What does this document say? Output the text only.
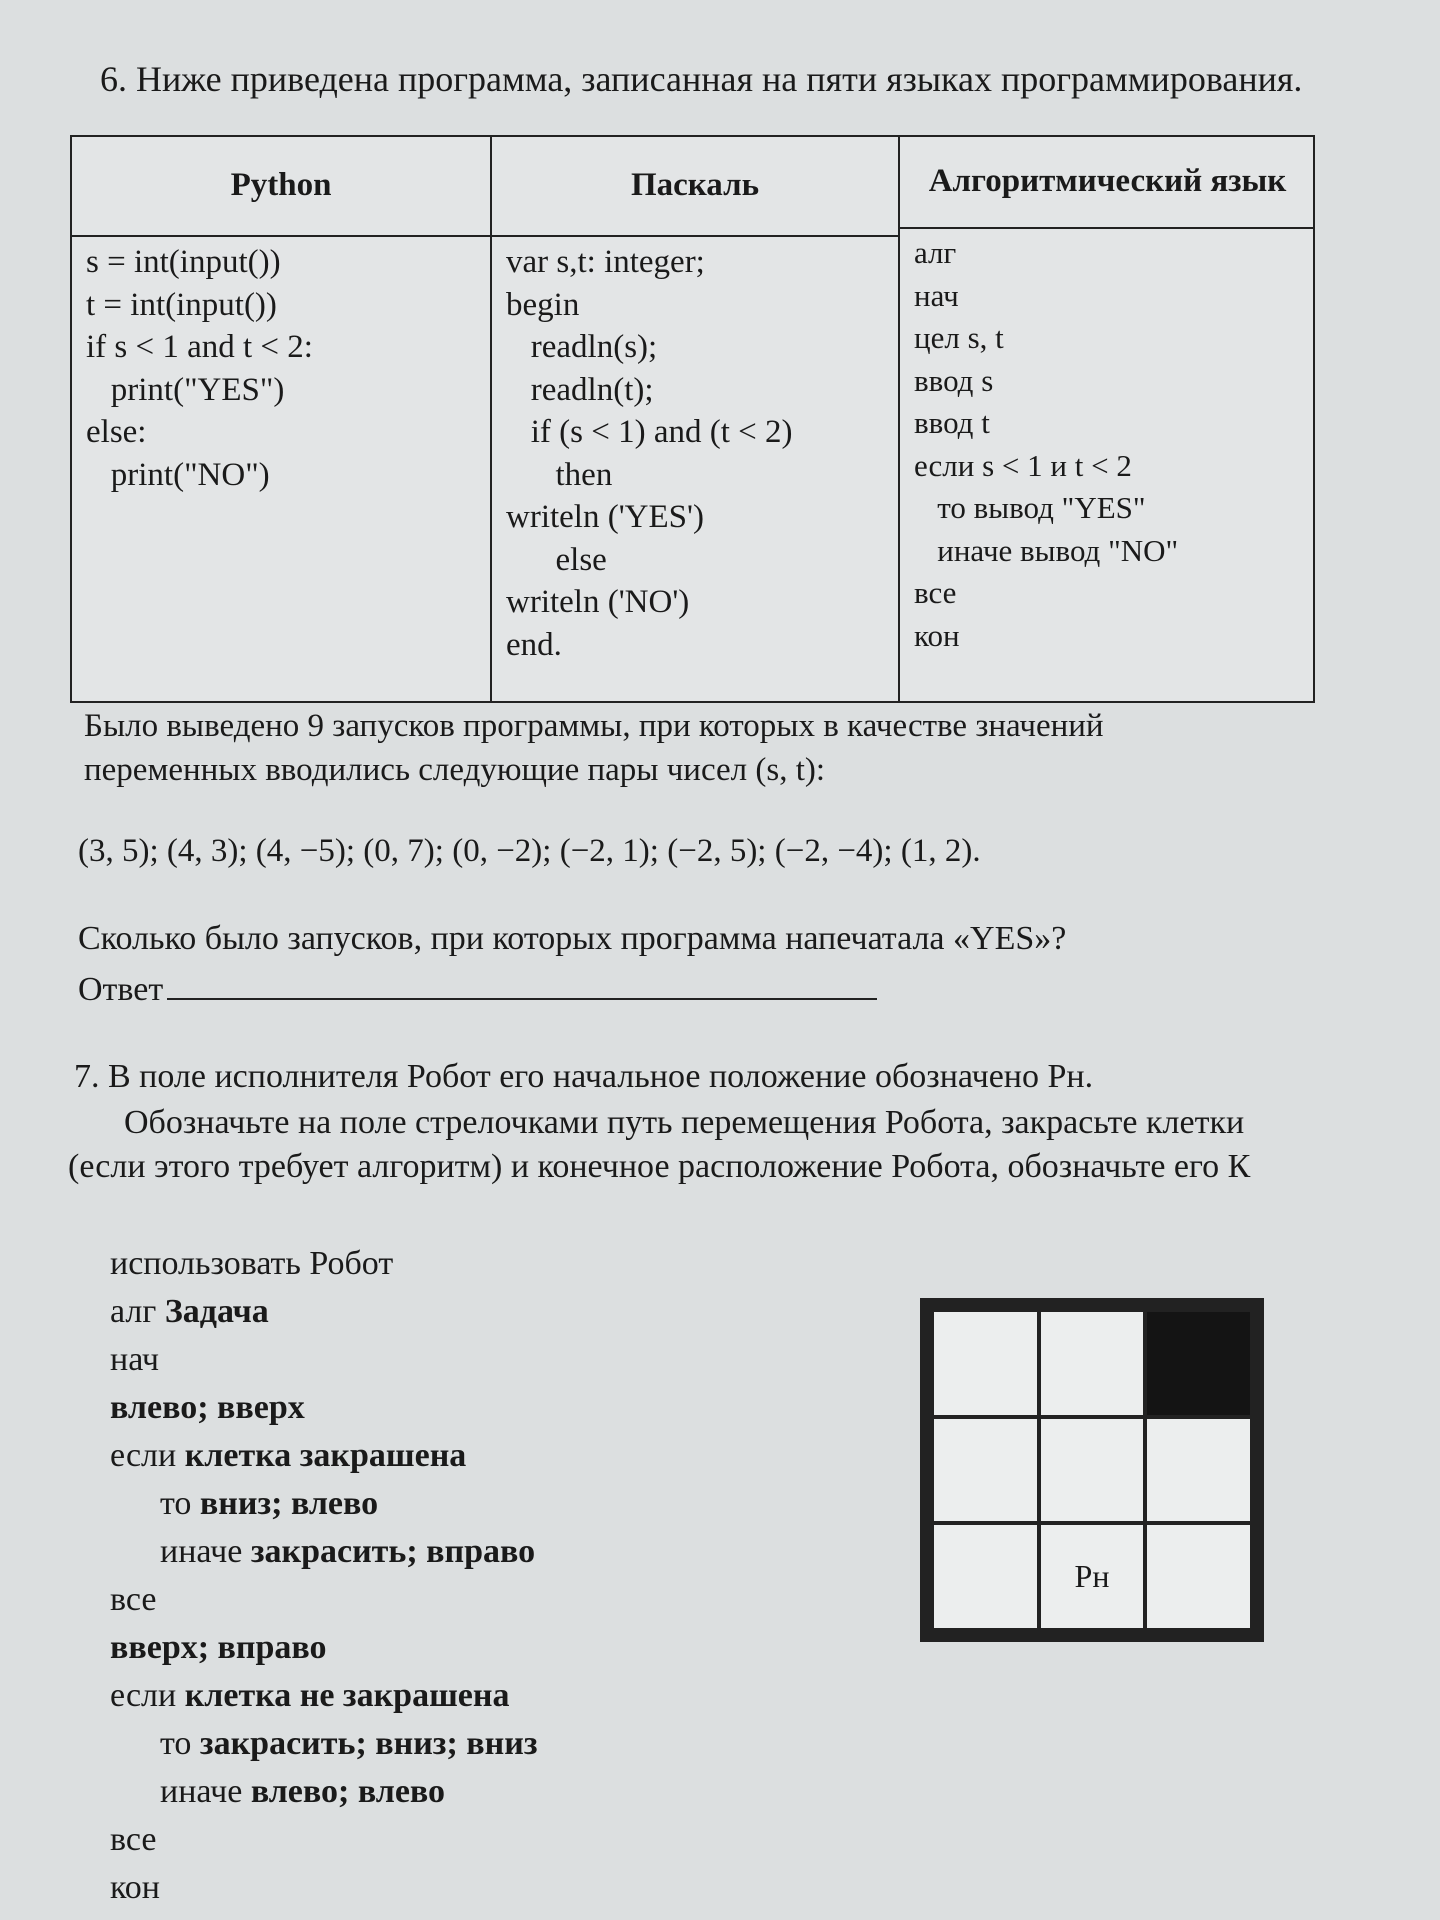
6. Ниже приведена программа, записанная на пяти языках программирования.
Python
s = int(input())
t = int(input())
if s < 1 and t < 2:
print("YES")
else:
print("NO")
Паскаль
var s,t: integer;
begin
readln(s);
readln(t);
if (s < 1) and (t < 2)
then
writeln ('YES')
else
writeln ('NO')
end.
Алгоритмический язык
алг
нач
цел s, t
ввод s
ввод t
если s < 1 и t < 2
то вывод "YES"
иначе вывод "NO"
все
кон
Было выведено 9 запусков программы, при которых в качестве значений
переменных вводились следующие пары чисел (s, t):
(3, 5); (4, 3); (4, −5); (0, 7); (0, −2); (−2, 1); (−2, 5); (−2, −4); (1, 2).
Сколько было запусков, при которых программа напечатала «YES»?
Ответ
7. В поле исполнителя Робот его начальное положение обозначено Рн.
Обозначьте на поле стрелочками путь перемещения Робота, закрасьте клетки
(если этого требует алгоритм) и конечное расположение Робота, обозначьте его К
использовать Робот
алг Задача
нач
влево; вверх
если клетка закрашена
то вниз; влево
иначе закрасить; вправо
все
вверх; вправо
если клетка не закрашена
то закрасить; вниз; вниз
иначе влево; влево
все
кон
Рн
